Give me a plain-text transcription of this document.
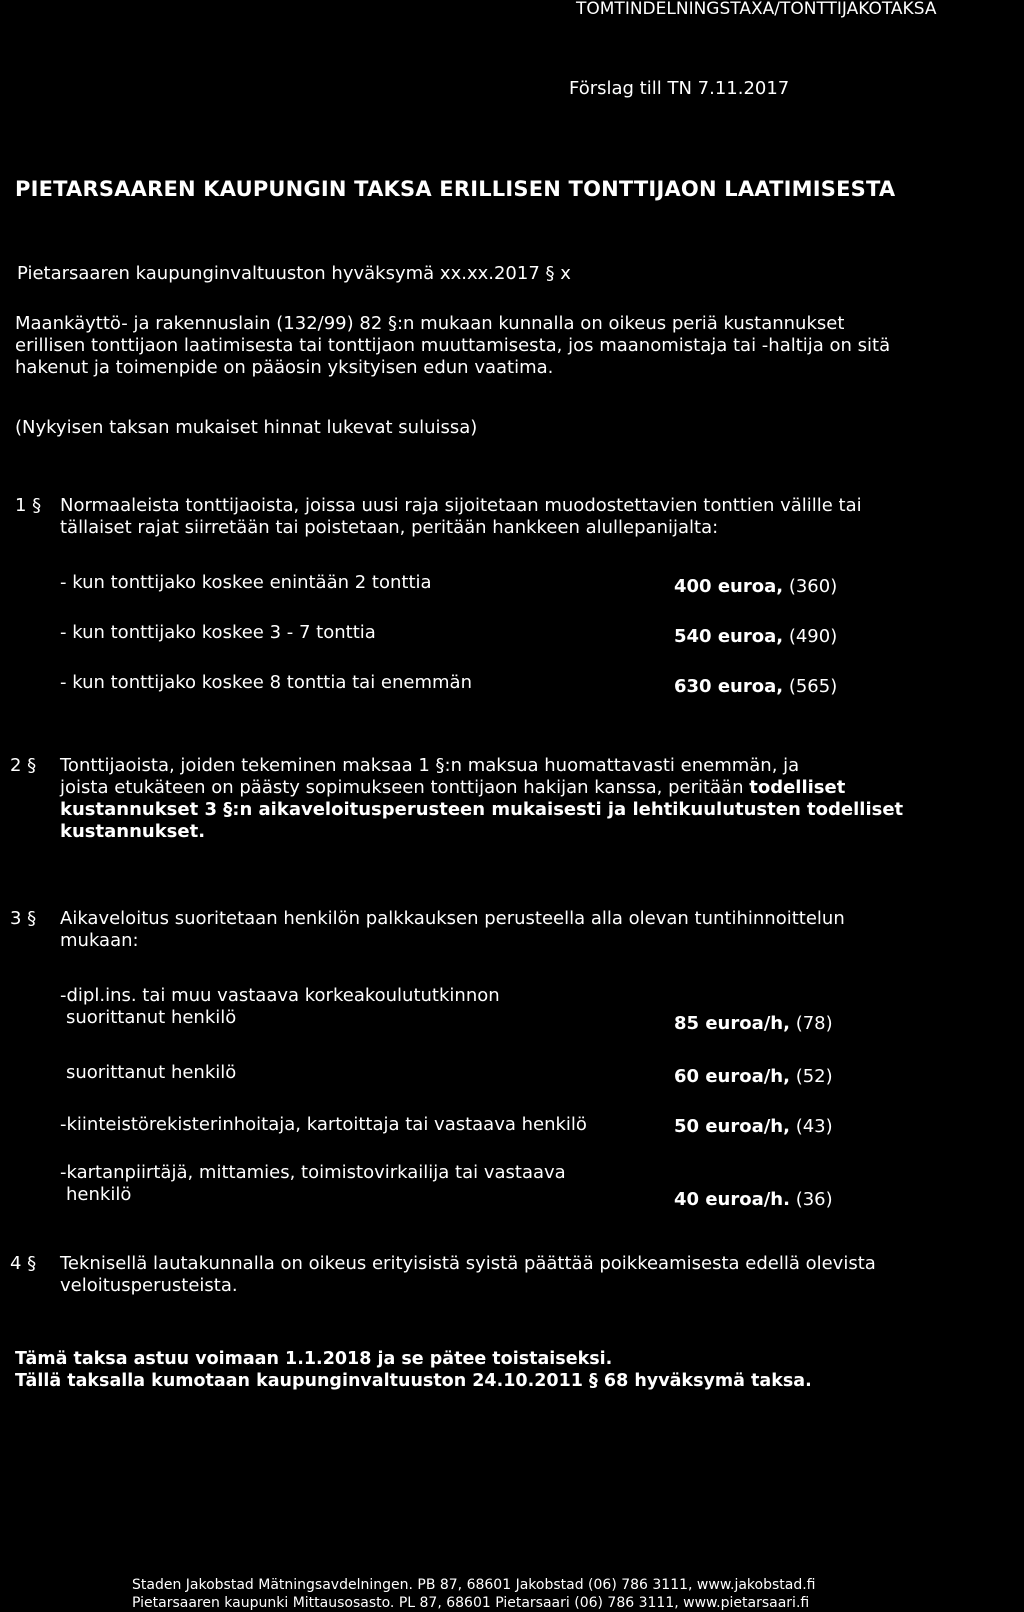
TOMTINDELNINGSTAXA/TONTTIJAKOTAKSA
Förslag till TN 7.11.2017
PIETARSAAREN KAUPUNGIN TAKSA ERILLISEN TONTTIJAON LAATIMISESTA
Pietarsaaren kaupunginvaltuuston hyväksymä xx.xx.2017 § x
Maankäyttö- ja rakennuslain (132/99) 82 §:n mukaan kunnalla on oikeus periä kustannukset
erillisen tonttijaon laatimisesta tai tonttijaon muuttamisesta, jos maanomistaja tai -haltija on sitä
hakenut ja toimenpide on pääosin yksityisen edun vaatima.
(Nykyisen taksan mukaiset hinnat lukevat suluissa)
1 § Normaaleista tonttijaoista, joissa uusi raja sijoitetaan muodostettavien tonttien välille tai
tällaiset rajat siirretään tai poistetaan, peritään hankkeen alullepanijalta:
- kun tonttijako koskee enintään 2 tonttia	400 euroa, (360)
- kun tonttijako koskee 3 - 7 tonttia	540 euroa, (490)
- kun tonttijako koskee 8 tonttia tai enemmän	630 euroa, (565)
2 § Tonttijaoista, joiden tekeminen maksaa 1 §:n maksua huomattavasti enemmän, ja
joista etukäteen on päästy sopimukseen tonttijaon hakijan kanssa, peritään todelliset
kustannukset 3 §:n aikaveloitusperusteen mukaisesti ja lehtikuulutusten todelliset
kustannukset.
3 § Aikaveloitus suoritetaan henkilön palkkauksen perusteella alla olevan tuntihinnoittelun
mukaan:
-dipl.ins. tai muu vastaava korkeakoulututkinnon
suorittanut henkilö	85 euroa/h, (78)
suorittanut henkilö	60 euroa/h, (52)
-kiinteistörekisterinhoitaja, kartoittaja tai vastaava henkilö	50 euroa/h, (43)
-kartanpiirtäjä, mittamies, toimistovirkailija tai vastaava
henkilö	40 euroa/h. (36)
4 § Teknisellä lautakunnalla on oikeus erityisistä syistä päättää poikkeamisesta edellä olevista
veloitusperusteista.
Tämä taksa astuu voimaan 1.1.2018 ja se pätee toistaiseksi.
Tällä taksalla kumotaan kaupunginvaltuuston 24.10.2011 § 68 hyväksymä taksa.
Staden Jakobstad Mätningsavdelningen. PB 87, 68601 Jakobstad (06) 786 3111, www.jakobstad.fi
Pietarsaaren kaupunki Mittausosasto. PL 87, 68601 Pietarsaari (06) 786 3111, www.pietarsaari.fi
